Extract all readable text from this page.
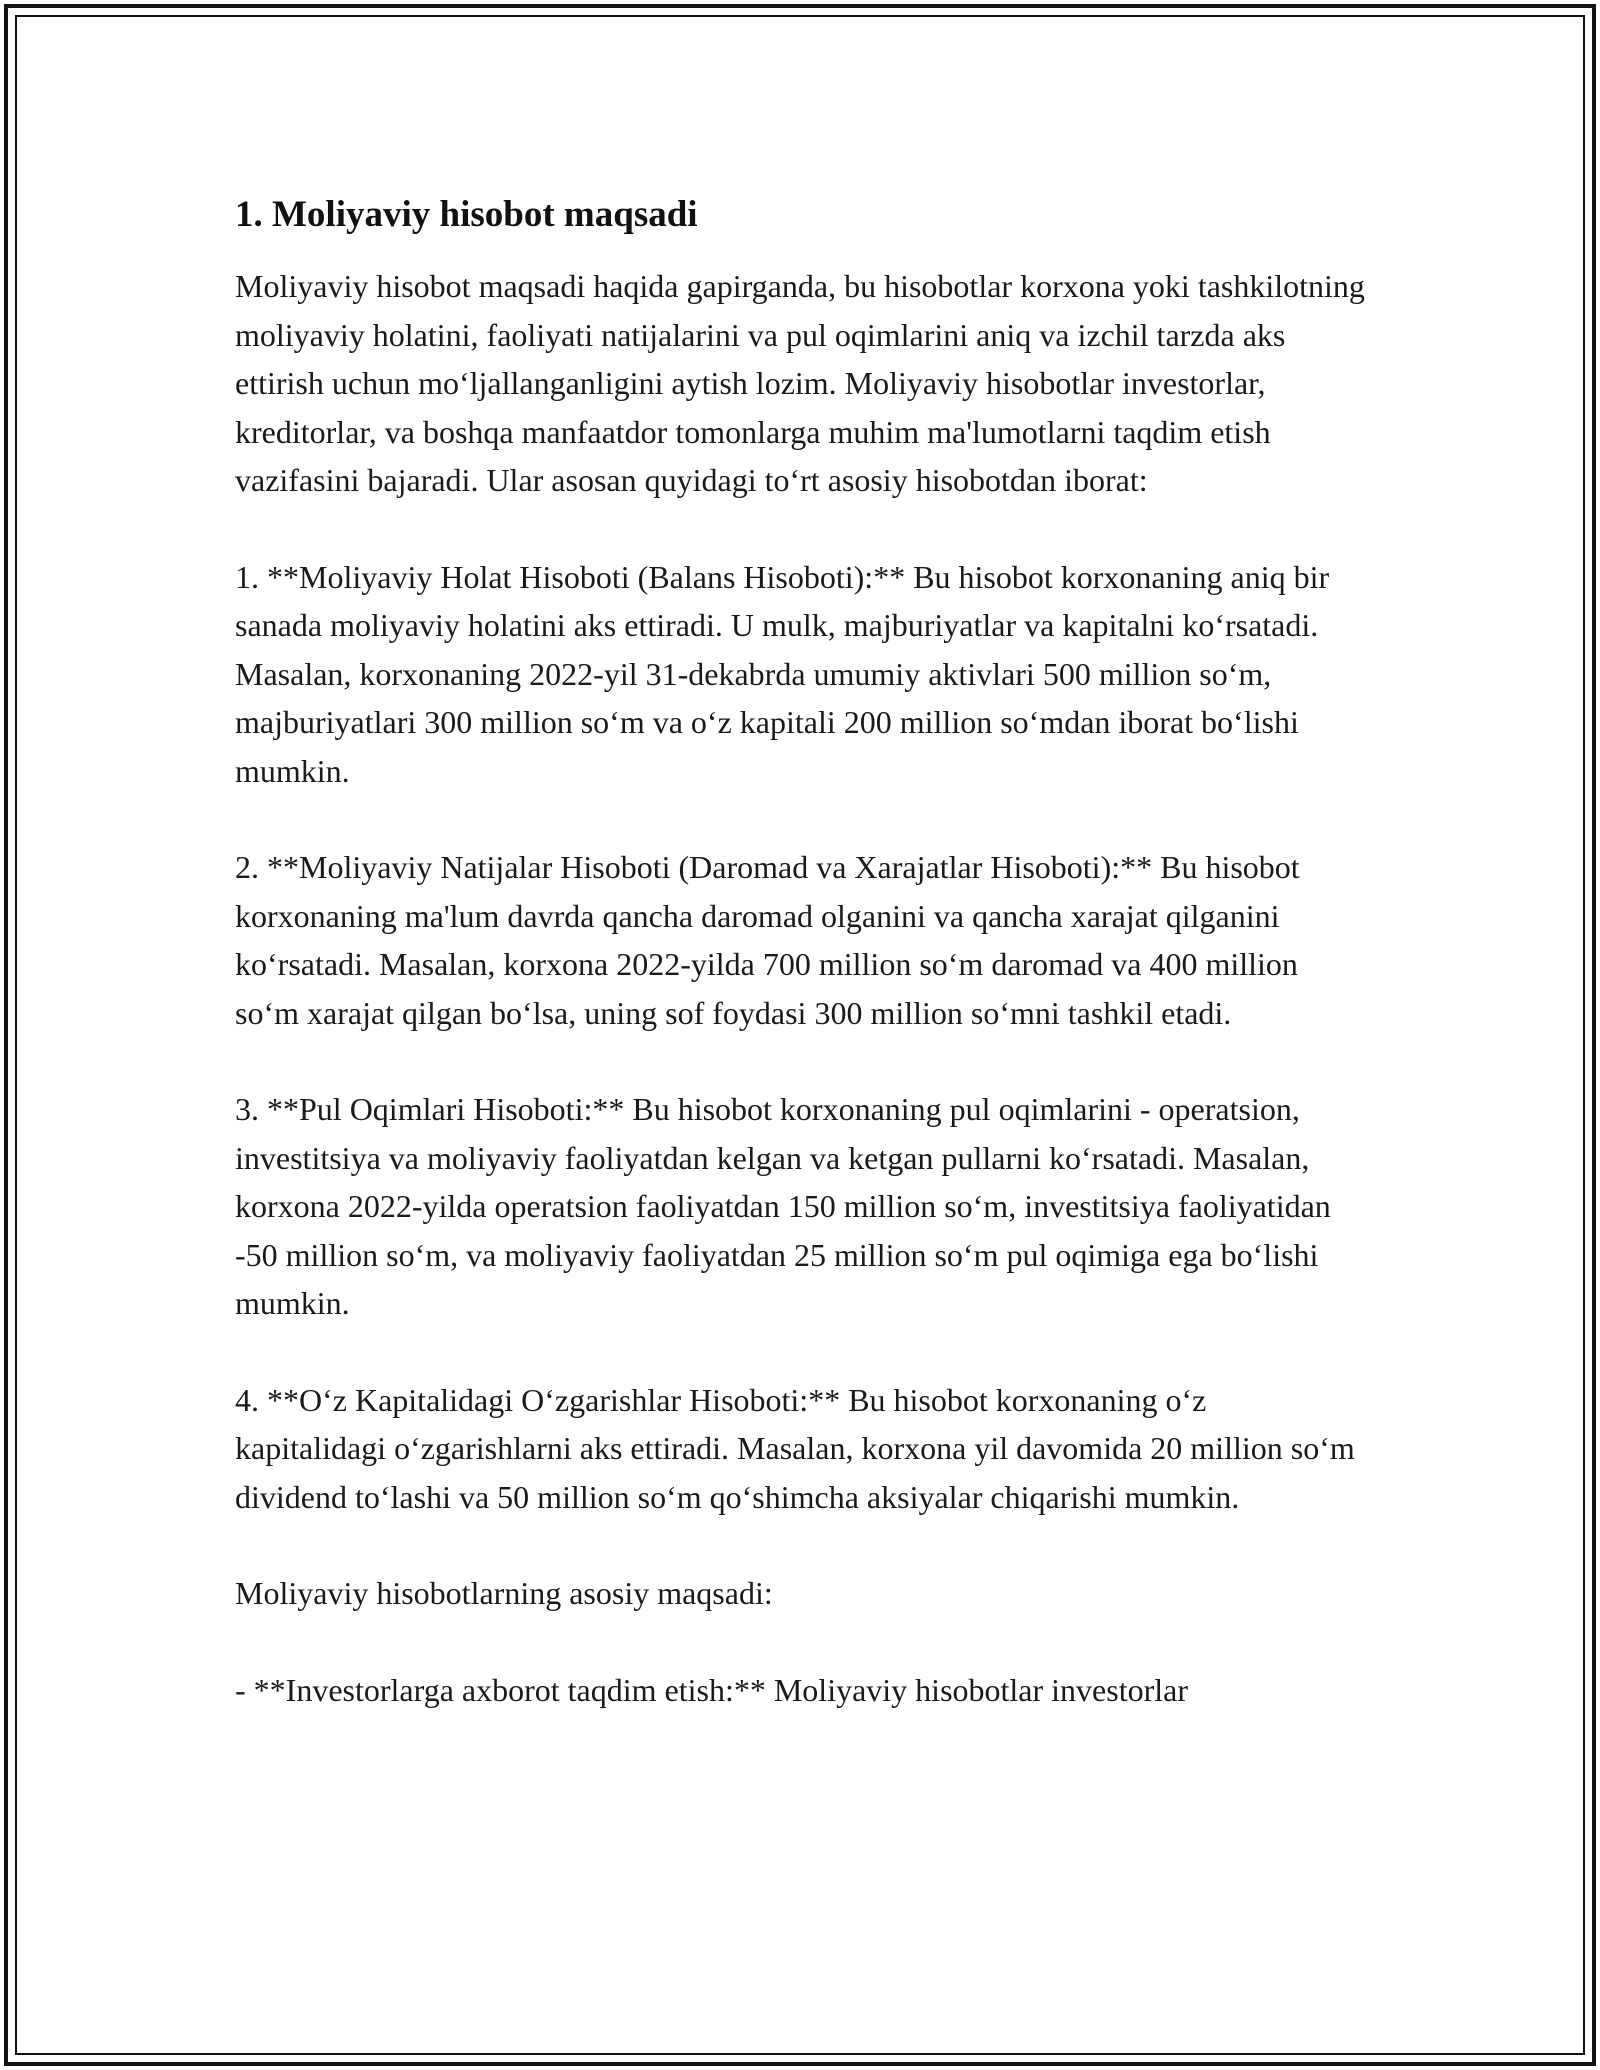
1. Moliyaviy hisobot maqsadi

Moliyaviy hisobot maqsadi haqida gapirganda, bu hisobotlar korxona yoki tashkilotning moliyaviy holatini, faoliyati natijalarini va pul oqimlarini aniq va izchil tarzda aks ettirish uchun mo‘ljallanganligini aytish lozim. Moliyaviy hisobotlar investorlar, kreditorlar, va boshqa manfaatdor tomonlarga muhim ma'lumotlarni taqdim etish vazifasini bajaradi. Ular asosan quyidagi to‘rt asosiy hisobotdan iborat:

1. **Moliyaviy Holat Hisoboti (Balans Hisoboti):** Bu hisobot korxonaning aniq bir sanada moliyaviy holatini aks ettiradi. U mulk, majburiyatlar va kapitalni ko‘rsatadi. Masalan, korxonaning 2022-yil 31-dekabrda umumiy aktivlari 500 million so‘m, majburiyatlari 300 million so‘m va o‘z kapitali 200 million so‘mdan iborat bo‘lishi mumkin.

2. **Moliyaviy Natijalar Hisoboti (Daromad va Xarajatlar Hisoboti):** Bu hisobot korxonaning ma'lum davrda qancha daromad olganini va qancha xarajat qilganini ko‘rsatadi. Masalan, korxona 2022-yilda 700 million so‘m daromad va 400 million so‘m xarajat qilgan bo‘lsa, uning sof foydasi 300 million so‘mni tashkil etadi.

3. **Pul Oqimlari Hisoboti:** Bu hisobot korxonaning pul oqimlarini - operatsion, investitsiya va moliyaviy faoliyatdan kelgan va ketgan pullarni ko‘rsatadi. Masalan, korxona 2022-yilda operatsion faoliyatdan 150 million so‘m, investitsiya faoliyatidan -50 million so‘m, va moliyaviy faoliyatdan 25 million so‘m pul oqimiga ega bo‘lishi mumkin.

4. **O‘z Kapitalidagi O‘zgarishlar Hisoboti:** Bu hisobot korxonaning o‘z kapitalidagi o‘zgarishlarni aks ettiradi. Masalan, korxona yil davomida 20 million so‘m dividend to‘lashi va 50 million so‘m qo‘shimcha aksiyalar chiqarishi mumkin.

Moliyaviy hisobotlarning asosiy maqsadi:

- **Investorlarga axborot taqdim etish:** Moliyaviy hisobotlar investorlar
